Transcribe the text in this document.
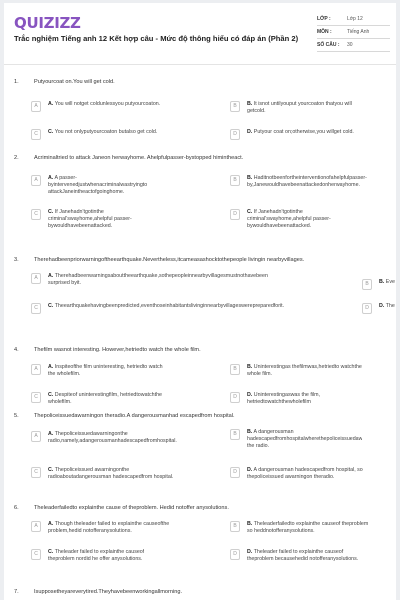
QUIZIZZ
Trắc nghiệm Tiếng anh 12 Kết hợp câu - Mức độ thông hiểu có đáp án (Phần 2)
LỚP :	Lớp 12
MÔN :	Tiếng Anh
SỐ CÂU :	30
1.	Putyourcoat on.You will get cold.
A	A. You will notget coldunlessyou putyourcoaton.	B	B. It isnot untilyouput yourcoaton thatyou will
getcold.
C	C. You not onlyputyourcoaton butalso get cold.	D	D. Putyour coat on;otherwise,you willget cold.
2.	Acriminaltried to attack Janeon herwayhome. Ahelpfulpasser-bystopped himintheact.
A	A. A passer-
byintervenedjustwhenacriminalwastryingto
attackJaneintheactofgoinghome.
B	B. Haditnotbeenfortheinterventionofahelpfulpasser-
by,Janewouldhavebeenattackedonherwayhome.
C	C. If Janehadn'tgotinthe
criminal'swayhome,ahelpful passer-
bywouldhavebeenattacked.
D	C. If Janehadn'tgotinthe
criminal'swayhome,ahelpful passer-
bywouldhavebeenattacked.
3.	Therehadbeenpriorwarningoftheearthquake.Nevertheless,itcameasashocktothepeople livingin nearbyvillages.
A	A. Therehadbeenwarningsabouttheearthquake,sothepeopleinnearbyvillagesmustnothavebeen
surprised byit.	B	B. Eve
C	C. Theearthquakehavingbeenpredicted,eventhoseinhabitantslivinginnearbyvillageswerepreparedforit.	D	D. The
4.	Thefilm wasnot interesting. However,hetriedto watch the whole film.
A	A. Inspiteofthe film uninteresting, hetriedto watch
the wholefilm.
B	B. Uninterestingas thefilmwas,hetriedto watchthe
whole film.
C	C. Despiteof uninterestingfilm, hetriedtowatchthe
wholefilm.
D	D. Uninterestingaswas the film,
hetriedtowatchthewholefilm
5.	Thepoliceissuedawarningon theradio.A dangerousmanhad escapedfrom hospital.
A	A. Thepoliceissuedawarningonthe
radio,namely,adangerousmanhadescapedfromhospital.
B	B. A dangerousman
hadescapedfromhospitalwherethepoliceissuedaw
the radio.
C	C. Thepoliceissued awarningonthe
radioaboutadangerousman hadescapedfrom hospital.
D	D. A dangerousman hadescapedfrom hospital, so
thepoliceissued awarningon theradio.
6.	Theleaderfailedto explainthe cause of theproblem. Hedid notoffer anysolutions.
A	A. Though theleader failed to explainthe causeofthe
problem,hedid notofferanysolutions.
B	B. Theleaderfailedto explainthe causeof theproblem
so heddnotofferanysolutions.
C	C. Theleader failed to explainthe causeof
theproblem nordid he offer anysolutions.
D	D. Theleader failed to explainthe causeof
theproblem becausehedid notofferanysolutions.
7.	Isupposetheyareverytired.Theyhavebeenworkingallmorning.
